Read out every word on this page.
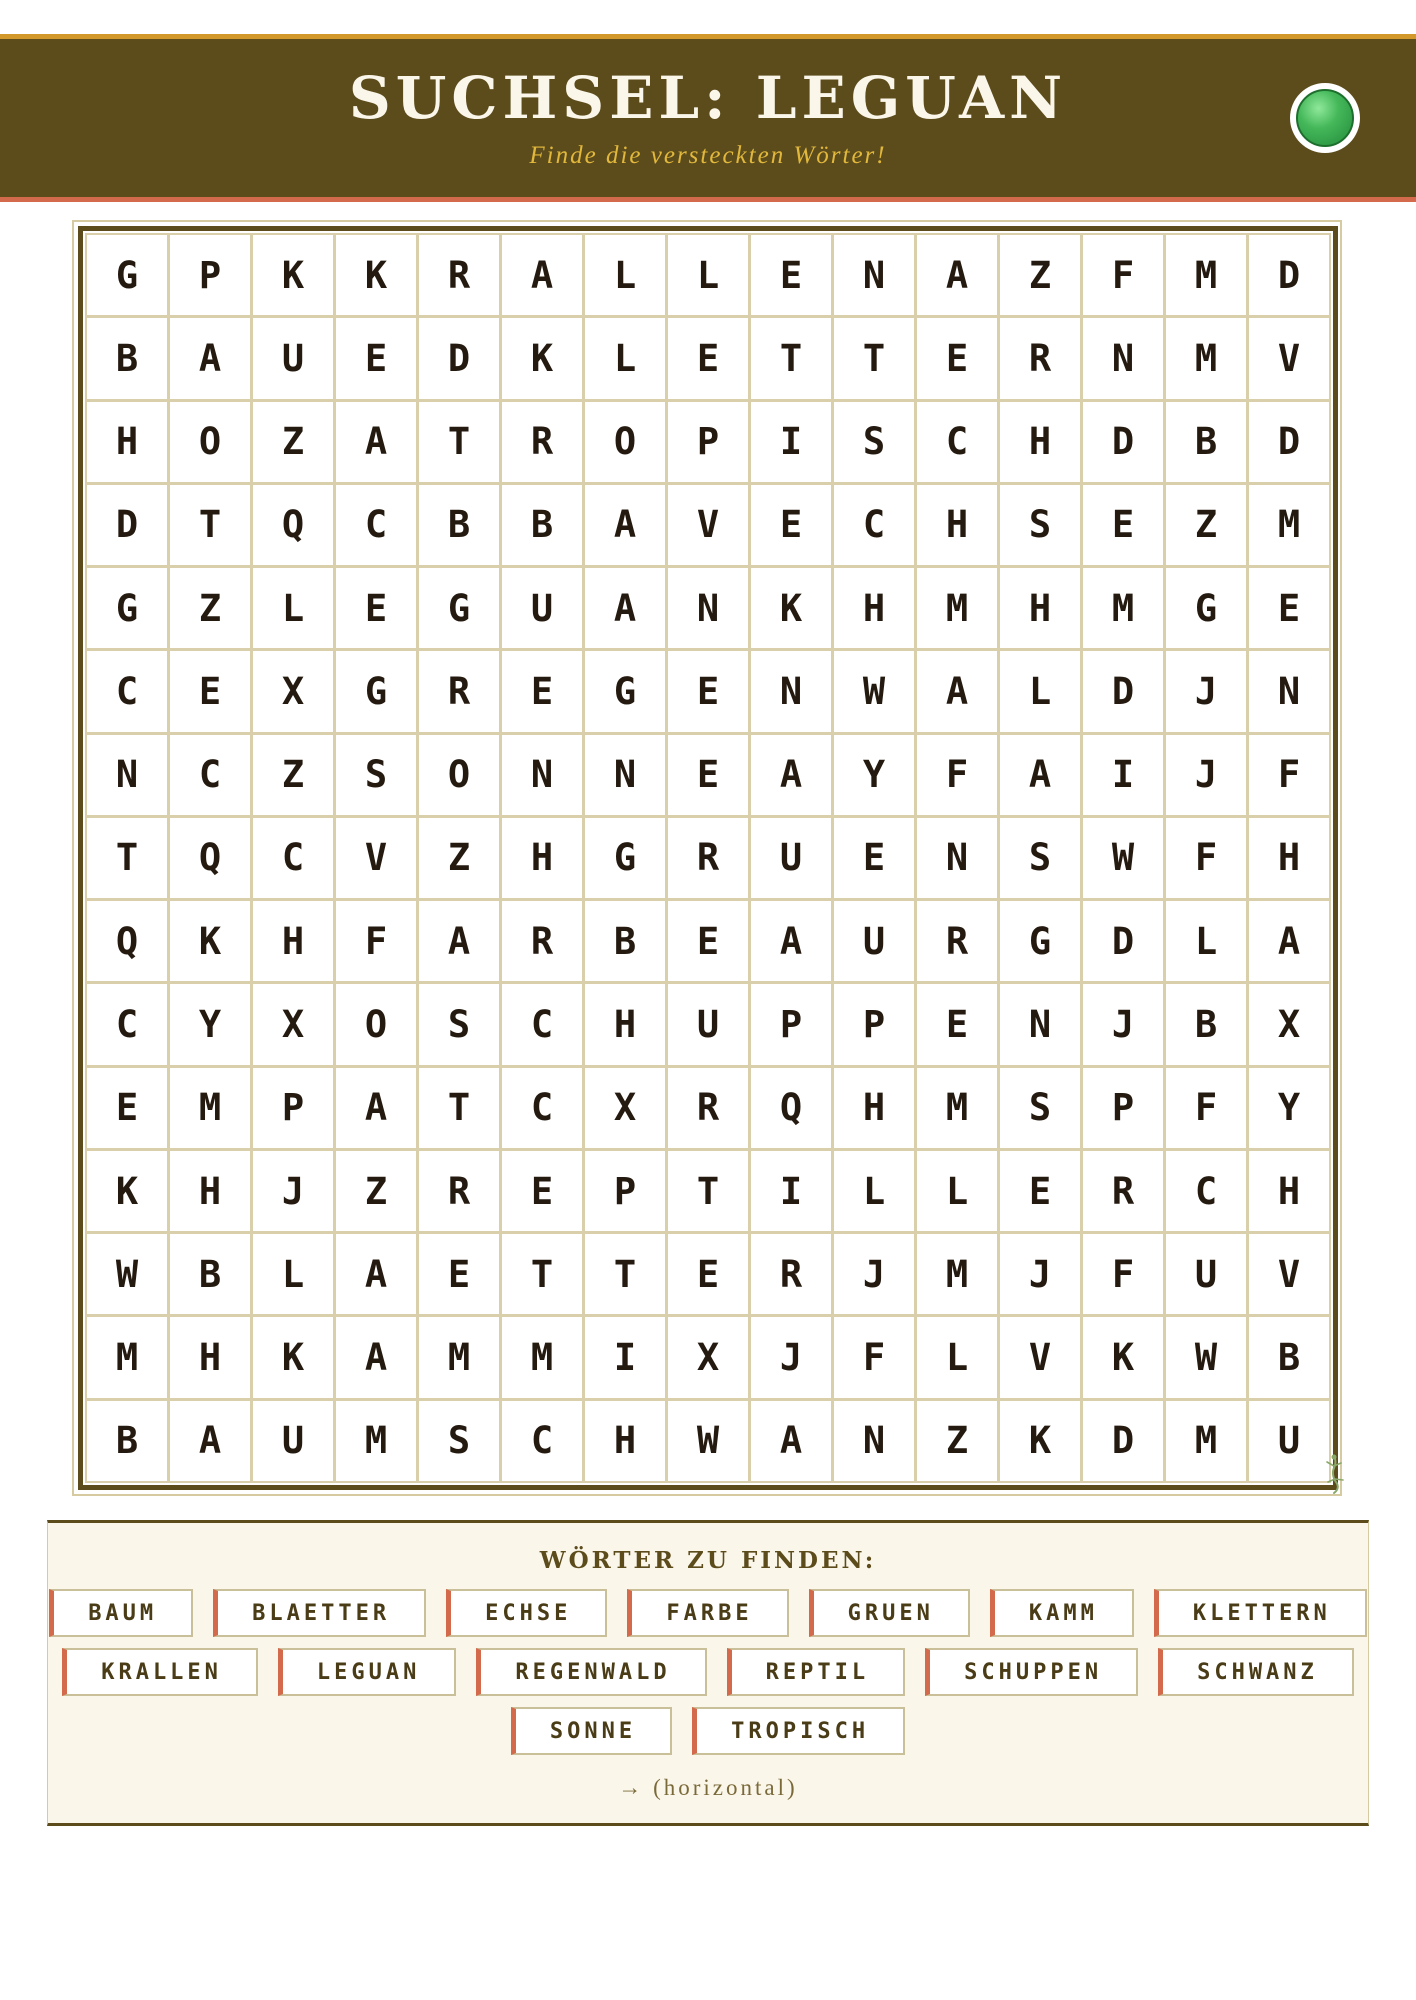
SUCHSEL: LEGUAN
Finde die versteckten Wörter!
G	P	K	K	R	A	L	L	E	N	A	Z	F	M	D
B	A	U	E	D	K	L	E	T	T	E	R	N	M	V
H	O	Z	A	T	R	O	P	I	S	C	H	D	B	D
D	T	Q	C	B	B	A	V	E	C	H	S	E	Z	M
G	Z	L	E	G	U	A	N	K	H	M	H	M	G	E
C	E	X	G	R	E	G	E	N	W	A	L	D	J	N
N	C	Z	S	O	N	N	E	A	Y	F	A	I	J	F
T	Q	C	V	Z	H	G	R	U	E	N	S	W	F	H
Q	K	H	F	A	R	B	E	A	U	R	G	D	L	A
C	Y	X	O	S	C	H	U	P	P	E	N	J	B	X
E	M	P	A	T	C	X	R	Q	H	M	S	P	F	Y
K	H	J	Z	R	E	P	T	I	L	L	E	R	C	H
W	B	L	A	E	T	T	E	R	J	M	J	F	U	V
M	H	K	A	M	M	I	X	J	F	L	V	K	W	B
B	A	U	M	S	C	H	W	A	N	Z	K	D	M	U
WÖRTER ZU FINDEN:
BAUM	BLAETTER	ECHSE	FARBE	GRUEN	KAMM	KLETTERN
KRALLEN	LEGUAN	REGENWALD	REPTIL	SCHUPPEN	SCHWANZ
SONNE	TROPISCH
→ (horizontal)
